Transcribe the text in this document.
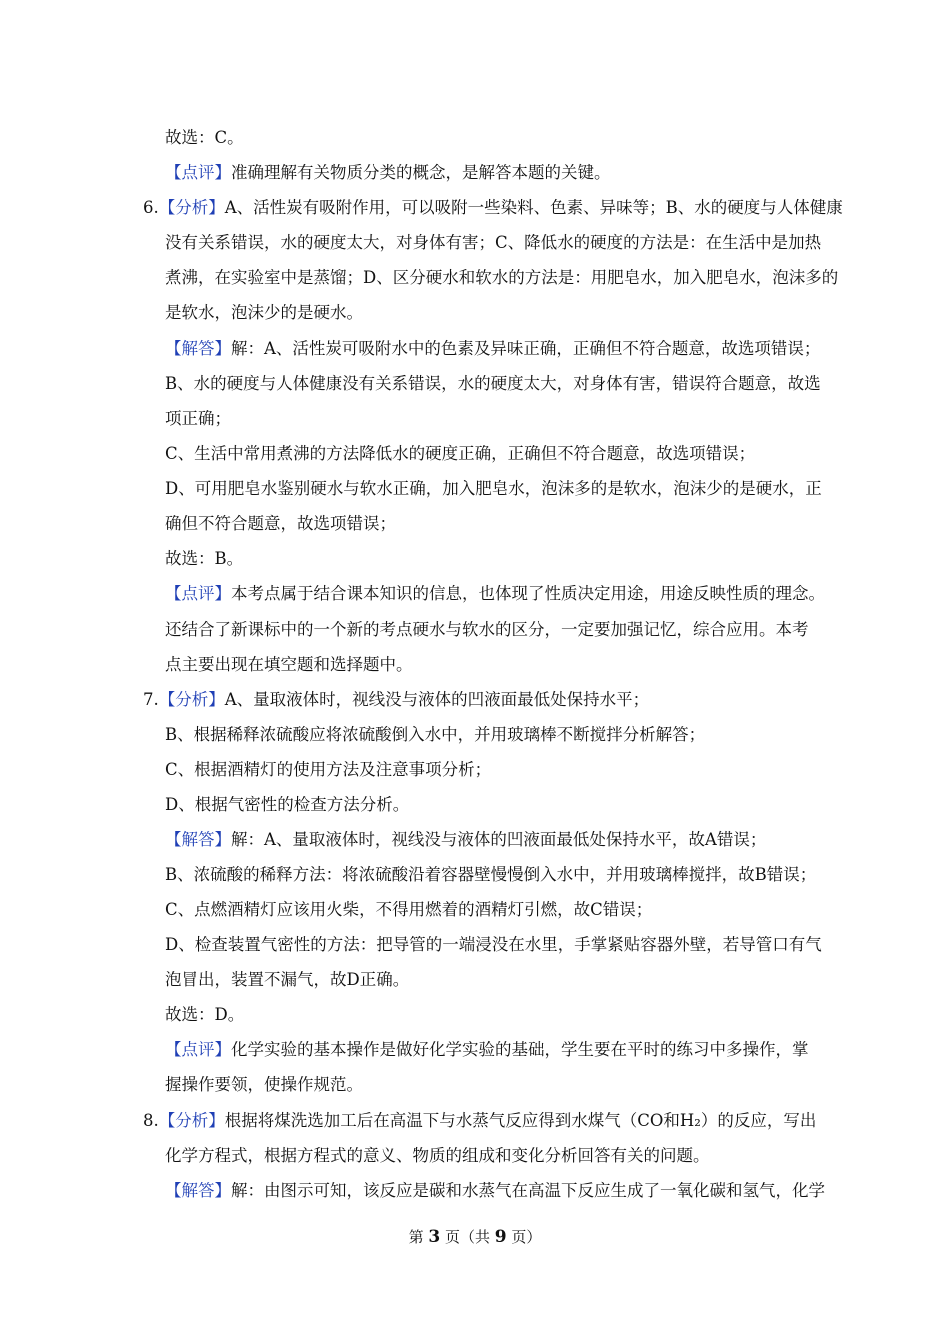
故选：C。
【点评】准确理解有关物质分类的概念，是解答本题的关键。
6.【分析】A、活性炭有吸附作用，可以吸附一些染料、色素、异味等；B、水的硬度与人体健康
没有关系错误，水的硬度太大，对身体有害；C、降低水的硬度的方法是：在生活中是加热
煮沸，在实验室中是蒸馏；D、区分硬水和软水的方法是：用肥皂水，加入肥皂水，泡沫多的
是软水，泡沫少的是硬水。
【解答】解：A、活性炭可吸附水中的色素及异味正确，正确但不符合题意，故选项错误；
B、水的硬度与人体健康没有关系错误，水的硬度太大，对身体有害，错误符合题意，故选
项正确；
C、生活中常用煮沸的方法降低水的硬度正确，正确但不符合题意，故选项错误；
D、可用肥皂水鉴别硬水与软水正确，加入肥皂水，泡沫多的是软水，泡沫少的是硬水，正
确但不符合题意，故选项错误；
故选：B。
【点评】本考点属于结合课本知识的信息，也体现了性质决定用途，用途反映性质的理念。
还结合了新课标中的一个新的考点硬水与软水的区分，一定要加强记忆，综合应用。本考
点主要出现在填空题和选择题中。
7.【分析】A、量取液体时，视线没与液体的凹液面最低处保持水平；
B、根据稀释浓硫酸应将浓硫酸倒入水中，并用玻璃棒不断搅拌分析解答；
C、根据酒精灯的使用方法及注意事项分析；
D、根据气密性的检查方法分析。
【解答】解：A、量取液体时，视线没与液体的凹液面最低处保持水平，故A错误；
B、浓硫酸的稀释方法：将浓硫酸沿着容器壁慢慢倒入水中，并用玻璃棒搅拌，故B错误；
C、点燃酒精灯应该用火柴，不得用燃着的酒精灯引燃，故C错误；
D、检查装置气密性的方法：把导管的一端浸没在水里，手掌紧贴容器外壁，若导管口有气
泡冒出，装置不漏气，故D正确。
故选：D。
【点评】化学实验的基本操作是做好化学实验的基础，学生要在平时的练习中多操作，掌
握操作要领，使操作规范。
8.【分析】根据将煤洗选加工后在高温下与水蒸气反应得到水煤气（CO和H₂）的反应，写出
化学方程式，根据方程式的意义、物质的组成和变化分析回答有关的问题。
【解答】解：由图示可知，该反应是碳和水蒸气在高温下反应生成了一氧化碳和氢气，化学
第 3 页（共 9 页）
